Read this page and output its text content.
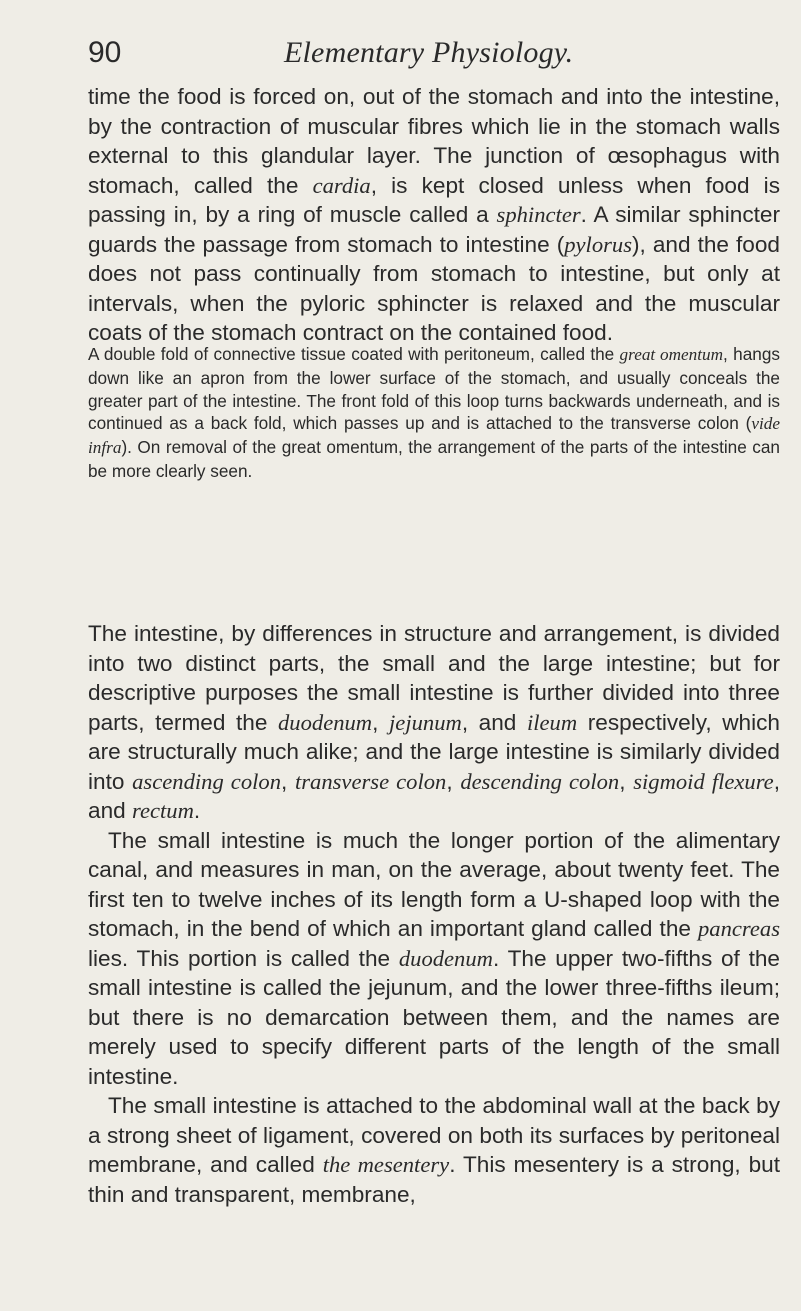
90	Elementary Physiology.

time the food is forced on, out of the stomach and into the intestine, by the contraction of muscular fibres which lie in the stomach walls external to this glandular layer. The junction of œsophagus with stomach, called the cardia, is kept closed unless when food is passing in, by a ring of muscle called a sphincter. A similar sphincter guards the passage from stomach to intestine (pylorus), and the food does not pass continually from stomach to intestine, but only at intervals, when the pyloric sphincter is relaxed and the muscular coats of the stomach contract on the contained food.

A double fold of connective tissue coated with peritoneum, called the great omentum, hangs down like an apron from the lower surface of the stomach, and usually conceals the greater part of the intestine. The front fold of this loop turns backwards underneath, and is continued as a back fold, which passes up and is attached to the transverse colon (vide infra). On removal of the great omentum, the arrangement of the parts of the intestine can be more clearly seen.

The intestine, by differences in structure and arrangement, is divided into two distinct parts, the small and the large intestine; but for descriptive purposes the small intestine is further divided into three parts, termed the duodenum, jejunum, and ileum respectively, which are structurally much alike; and the large intestine is similarly divided into ascending colon, transverse colon, descending colon, sigmoid flexure, and rectum.

The small intestine is much the longer portion of the alimentary canal, and measures in man, on the average, about twenty feet. The first ten to twelve inches of its length form a U-shaped loop with the stomach, in the bend of which an important gland called the pancreas lies. This portion is called the duodenum. The upper two-fifths of the small intestine is called the jejunum, and the lower three-fifths ileum; but there is no demarcation between them, and the names are merely used to specify different parts of the length of the small intestine.

The small intestine is attached to the abdominal wall at the back by a strong sheet of ligament, covered on both its surfaces by peritoneal membrane, and called the mesentery. This mesentery is a strong, but thin and transparent, membrane,
